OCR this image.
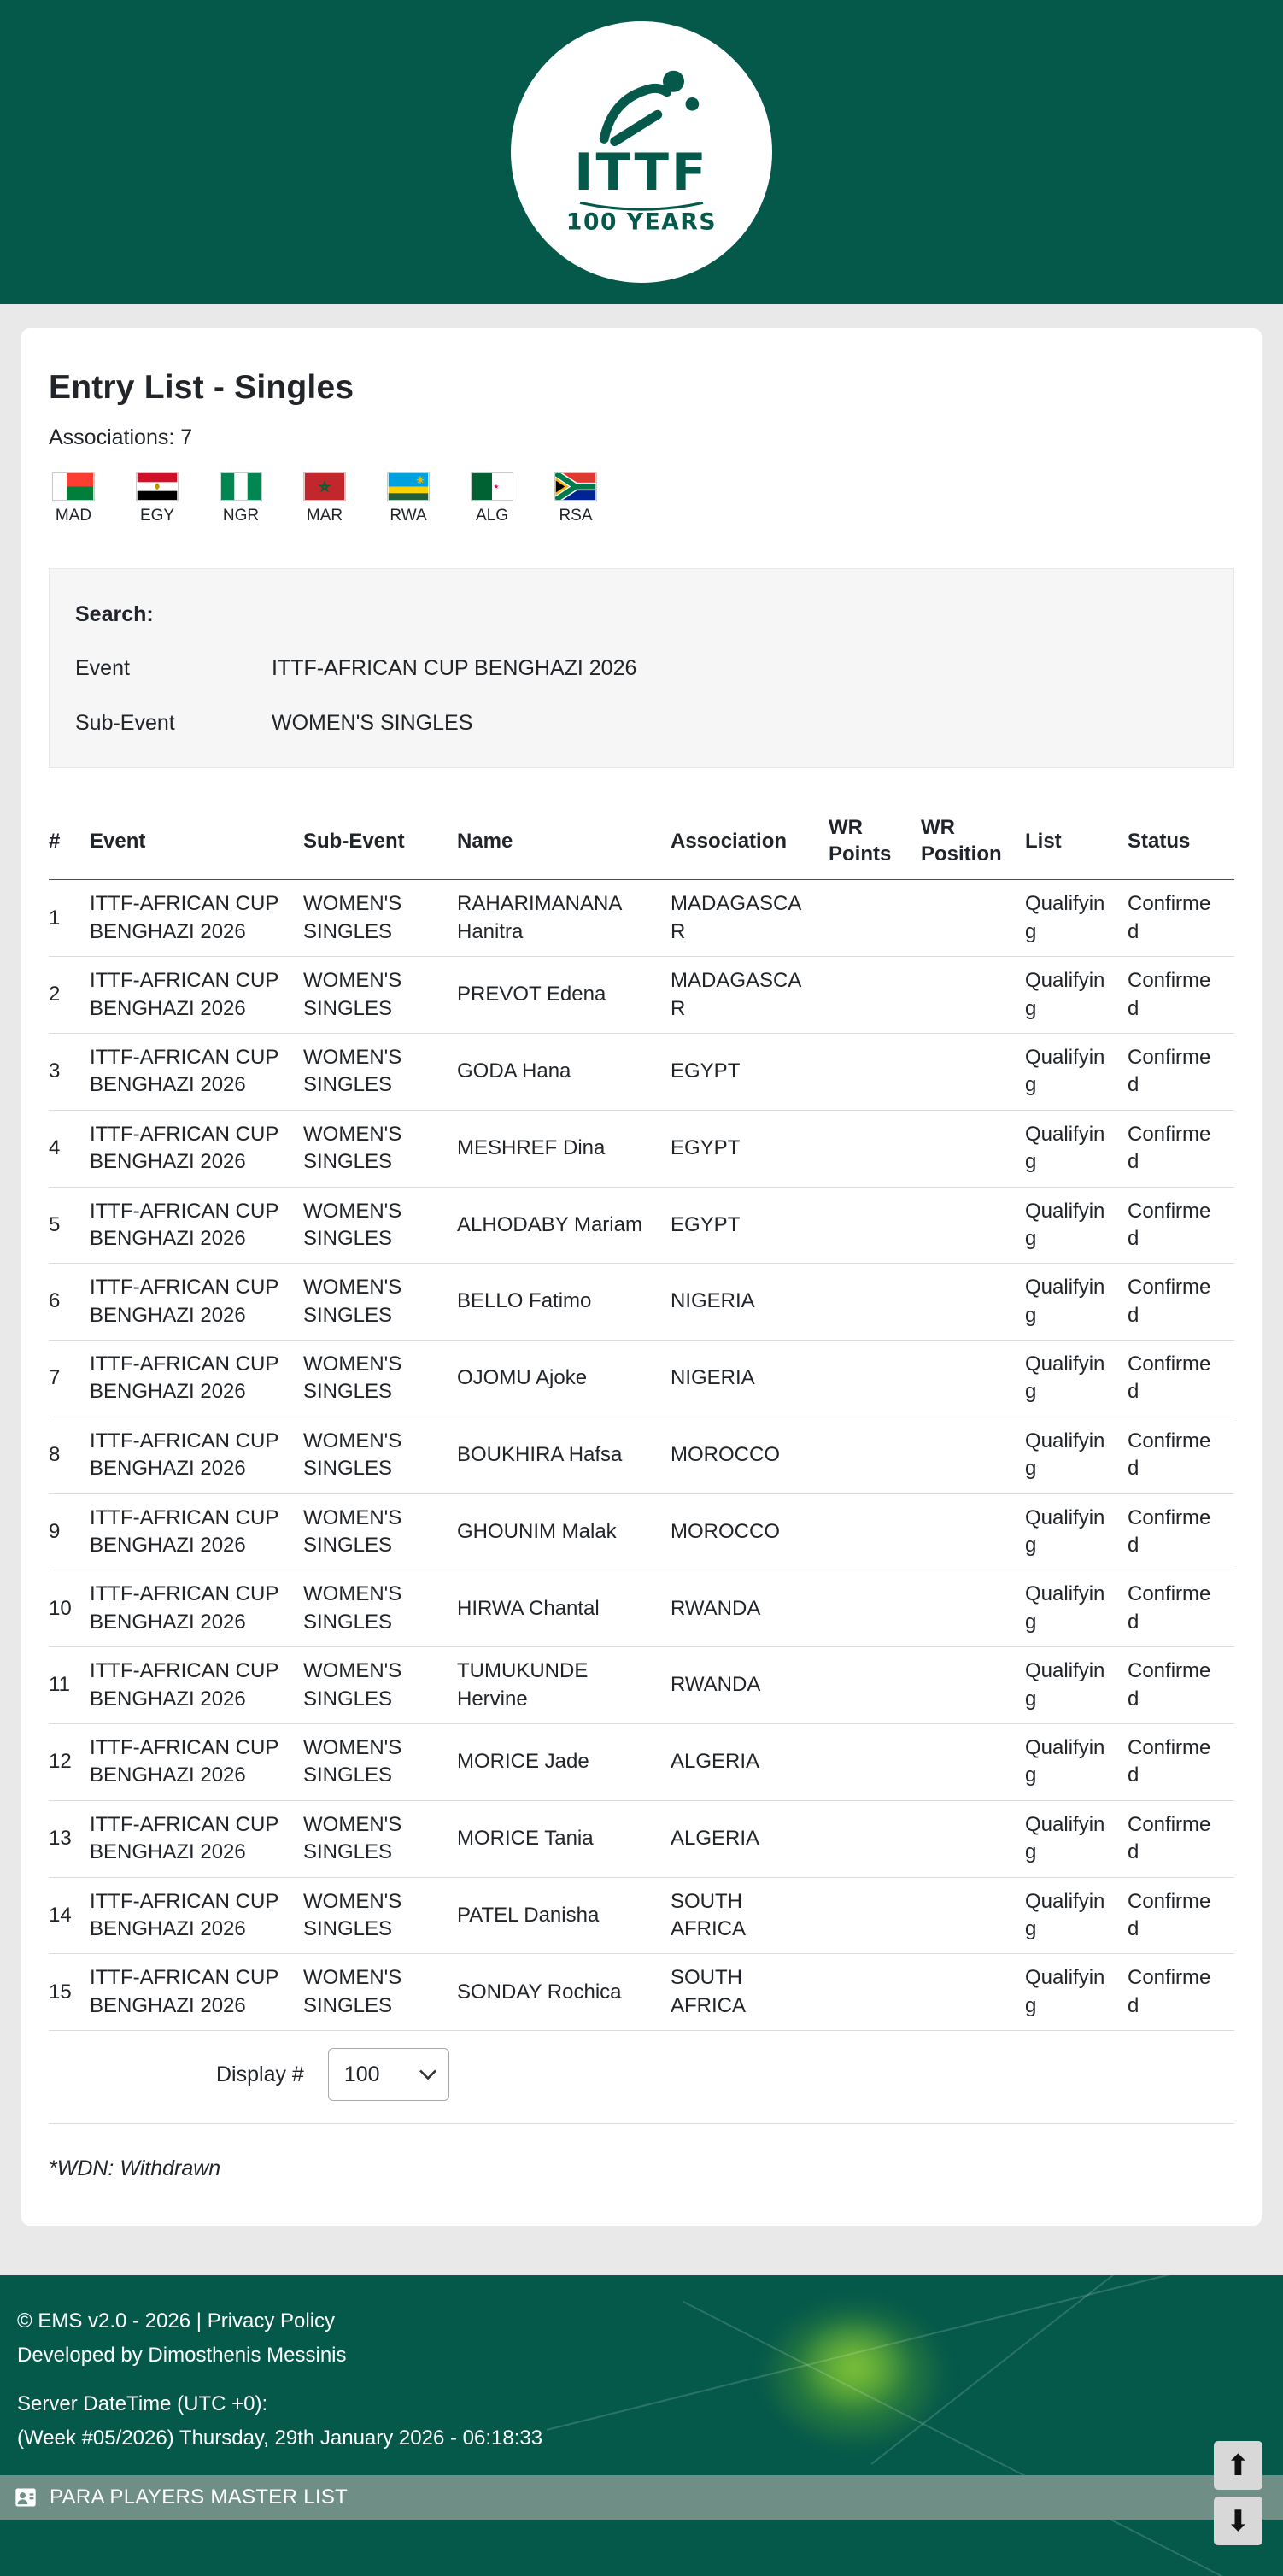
ITTF
100 YEARS
Entry List - Singles
Associations: 7
MAD	EGY	NGR	MAR	RWA	ALG	RSA
Search:
Event	ITTF-AFRICAN CUP BENGHAZI 2026
Sub-Event	WOMEN'S SINGLES
#	Event	Sub-Event	Name	Association	WR Points	WR Position	List	Status
1	ITTF-AFRICAN CUP BENGHAZI 2026	WOMEN'S SINGLES	RAHARIMANANA Hanitra	MADAGASCAR			Qualifying	Confirmed
2	ITTF-AFRICAN CUP BENGHAZI 2026	WOMEN'S SINGLES	PREVOT Edena	MADAGASCAR			Qualifying	Confirmed
3	ITTF-AFRICAN CUP BENGHAZI 2026	WOMEN'S SINGLES	GODA Hana	EGYPT			Qualifying	Confirmed
4	ITTF-AFRICAN CUP BENGHAZI 2026	WOMEN'S SINGLES	MESHREF Dina	EGYPT			Qualifying	Confirmed
5	ITTF-AFRICAN CUP BENGHAZI 2026	WOMEN'S SINGLES	ALHODABY Mariam	EGYPT			Qualifying	Confirmed
6	ITTF-AFRICAN CUP BENGHAZI 2026	WOMEN'S SINGLES	BELLO Fatimo	NIGERIA			Qualifying	Confirmed
7	ITTF-AFRICAN CUP BENGHAZI 2026	WOMEN'S SINGLES	OJOMU Ajoke	NIGERIA			Qualifying	Confirmed
8	ITTF-AFRICAN CUP BENGHAZI 2026	WOMEN'S SINGLES	BOUKHIRA Hafsa	MOROCCO			Qualifying	Confirmed
9	ITTF-AFRICAN CUP BENGHAZI 2026	WOMEN'S SINGLES	GHOUNIM Malak	MOROCCO			Qualifying	Confirmed
10	ITTF-AFRICAN CUP BENGHAZI 2026	WOMEN'S SINGLES	HIRWA Chantal	RWANDA			Qualifying	Confirmed
11	ITTF-AFRICAN CUP BENGHAZI 2026	WOMEN'S SINGLES	TUMUKUNDE Hervine	RWANDA			Qualifying	Confirmed
12	ITTF-AFRICAN CUP BENGHAZI 2026	WOMEN'S SINGLES	MORICE Jade	ALGERIA			Qualifying	Confirmed
13	ITTF-AFRICAN CUP BENGHAZI 2026	WOMEN'S SINGLES	MORICE Tania	ALGERIA			Qualifying	Confirmed
14	ITTF-AFRICAN CUP BENGHAZI 2026	WOMEN'S SINGLES	PATEL Danisha	SOUTH AFRICA			Qualifying	Confirmed
15	ITTF-AFRICAN CUP BENGHAZI 2026	WOMEN'S SINGLES	SONDAY Rochica	SOUTH AFRICA			Qualifying	Confirmed
Display #
100
*WDN: Withdrawn
© EMS v2.0 - 2026 | Privacy Policy
Developed by Dimosthenis Messinis
Server DateTime (UTC +0):
(Week #05/2026) Thursday, 29th January 2026 - 06:18:33
PARA PLAYERS MASTER LIST
⬆
⬇
